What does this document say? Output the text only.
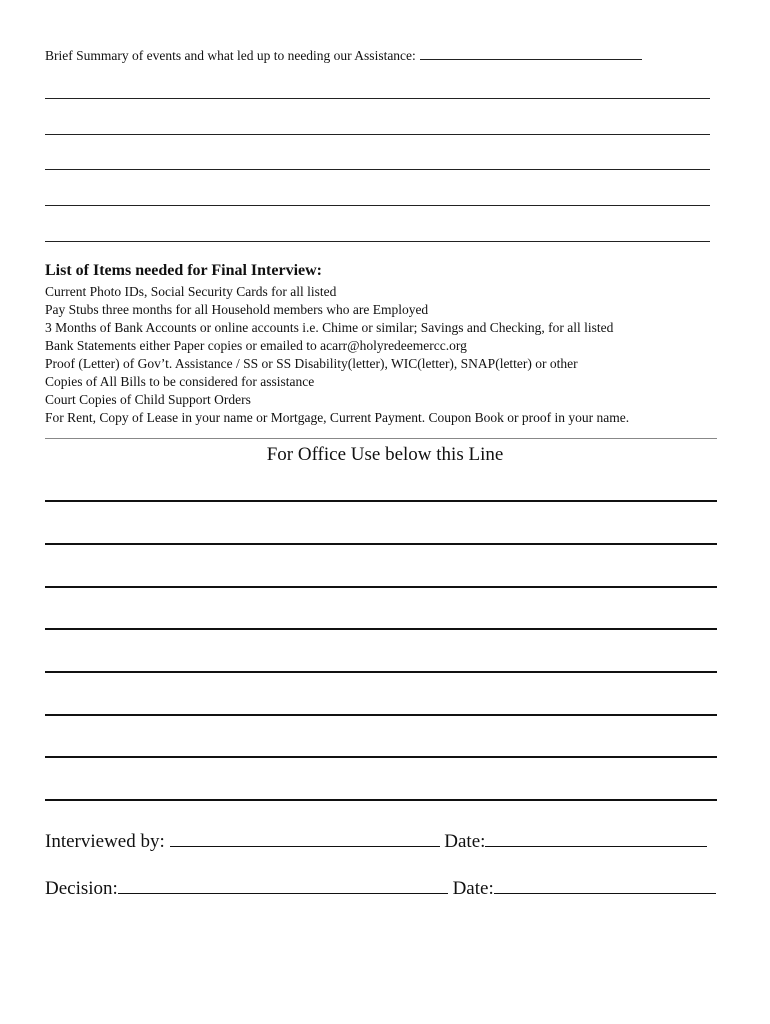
Brief Summary of events and what led up to needing our Assistance:
List of Items needed for Final Interview:
Current Photo IDs, Social Security Cards for all listed
Pay Stubs three months for all Household members who are Employed
3 Months of Bank Accounts or online accounts i.e. Chime or similar; Savings and Checking, for all listed
Bank Statements either Paper copies or emailed to acarr@holyredeemercc.org
Proof (Letter) of Gov’t. Assistance / SS or SS Disability(letter), WIC(letter), SNAP(letter) or other
Copies of All Bills to be considered for assistance
Court Copies of Child Support Orders
For Rent, Copy of Lease in your name or Mortgage, Current Payment. Coupon Book or proof in your name.
For Office Use below this Line
Interviewed by:	Date:
Decision:	Date:
